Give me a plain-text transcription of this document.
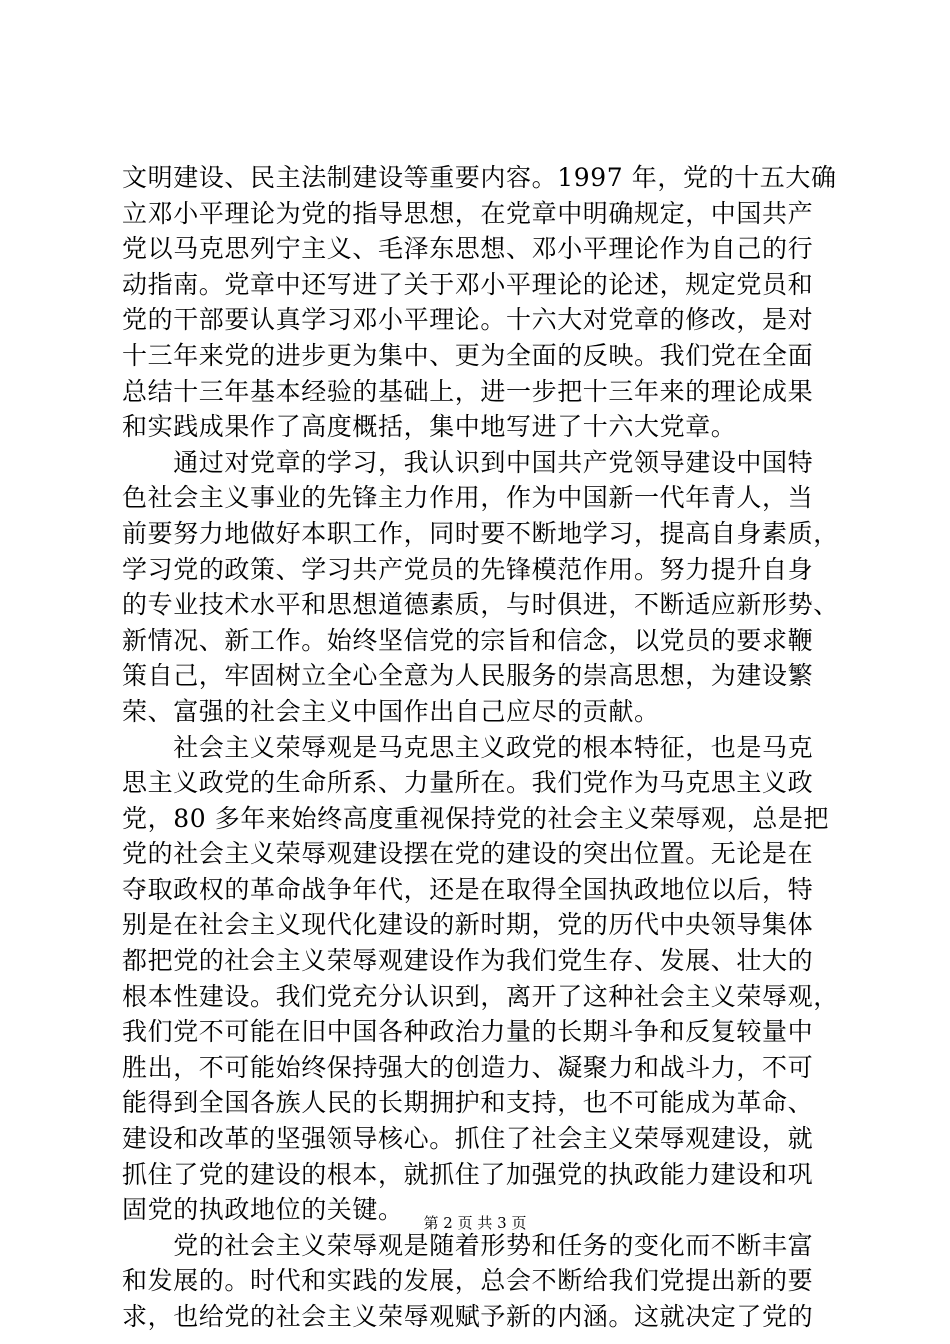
文明建设、民主法制建设等重要内容。1997 年，党的十五大确
立邓小平理论为党的指导思想，在党章中明确规定，中国共产
党以马克思列宁主义、毛泽东思想、邓小平理论作为自己的行
动指南。党章中还写进了关于邓小平理论的论述，规定党员和
党的干部要认真学习邓小平理论。十六大对党章的修改，是对
十三年来党的进步更为集中、更为全面的反映。我们党在全面
总结十三年基本经验的基础上，进一步把十三年来的理论成果
和实践成果作了高度概括，集中地写进了十六大党章。
　　通过对党章的学习，我认识到中国共产党领导建设中国特
色社会主义事业的先锋主力作用，作为中国新一代年青人，当
前要努力地做好本职工作，同时要不断地学习，提高自身素质，
学习党的政策、学习共产党员的先锋模范作用。努力提升自身
的专业技术水平和思想道德素质，与时俱进，不断适应新形势、
新情况、新工作。始终坚信党的宗旨和信念，以党员的要求鞭
策自己，牢固树立全心全意为人民服务的崇高思想，为建设繁
荣、富强的社会主义中国作出自己应尽的贡献。
　　社会主义荣辱观是马克思主义政党的根本特征，也是马克
思主义政党的生命所系、力量所在。我们党作为马克思主义政
党，80 多年来始终高度重视保持党的社会主义荣辱观，总是把
党的社会主义荣辱观建设摆在党的建设的突出位置。无论是在
夺取政权的革命战争年代，还是在取得全国执政地位以后，特
别是在社会主义现代化建设的新时期，党的历代中央领导集体
都把党的社会主义荣辱观建设作为我们党生存、发展、壮大的
根本性建设。我们党充分认识到，离开了这种社会主义荣辱观，
我们党不可能在旧中国各种政治力量的长期斗争和反复较量中
胜出，不可能始终保持强大的创造力、凝聚力和战斗力，不可
能得到全国各族人民的长期拥护和支持，也不可能成为革命、
建设和改革的坚强领导核心。抓住了社会主义荣辱观建设，就
抓住了党的建设的根本，就抓住了加强党的执政能力建设和巩
固党的执政地位的关键。
　　党的社会主义荣辱观是随着形势和任务的变化而不断丰富
和发展的。时代和实践的发展，总会不断给我们党提出新的要
求，也给党的社会主义荣辱观赋予新的内涵。这就决定了党的
第 2 页 共 3 页
